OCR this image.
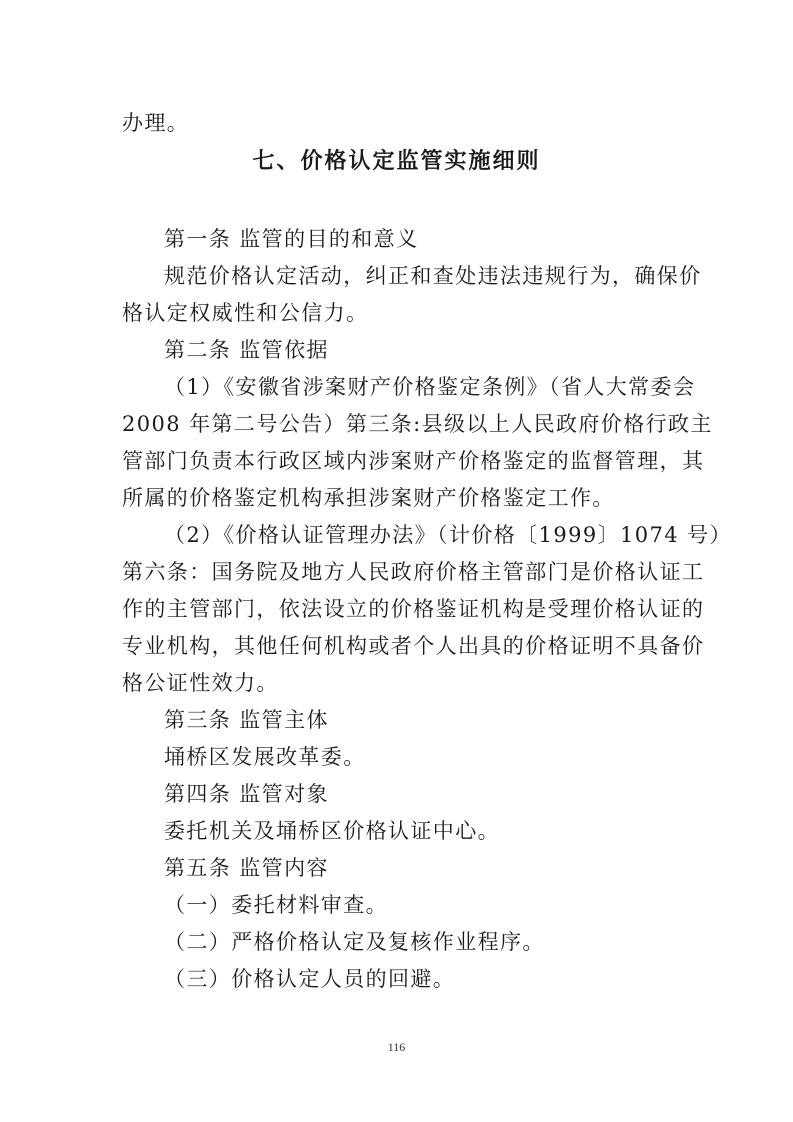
办理。
七、价格认定监管实施细则
第一条 监管的目的和意义
规范价格认定活动，纠正和查处违法违规行为，确保价
格认定权威性和公信力。
第二条 监管依据
（1）《安徽省涉案财产价格鉴定条例》（省人大常委会
2008 年第二号公告）第三条:县级以上人民政府价格行政主
管部门负责本行政区域内涉案财产价格鉴定的监督管理，其
所属的价格鉴定机构承担涉案财产价格鉴定工作。
（2）《价格认证管理办法》（计价格〔1999〕1074 号）
第六条：国务院及地方人民政府价格主管部门是价格认证工
作的主管部门，依法设立的价格鉴证机构是受理价格认证的
专业机构，其他任何机构或者个人出具的价格证明不具备价
格公证性效力。
第三条 监管主体
埇桥区发展改革委。
第四条 监管对象
委托机关及埇桥区价格认证中心。
第五条 监管内容
（一）委托材料审查。
（二）严格价格认定及复核作业程序。
（三）价格认定人员的回避。
116
